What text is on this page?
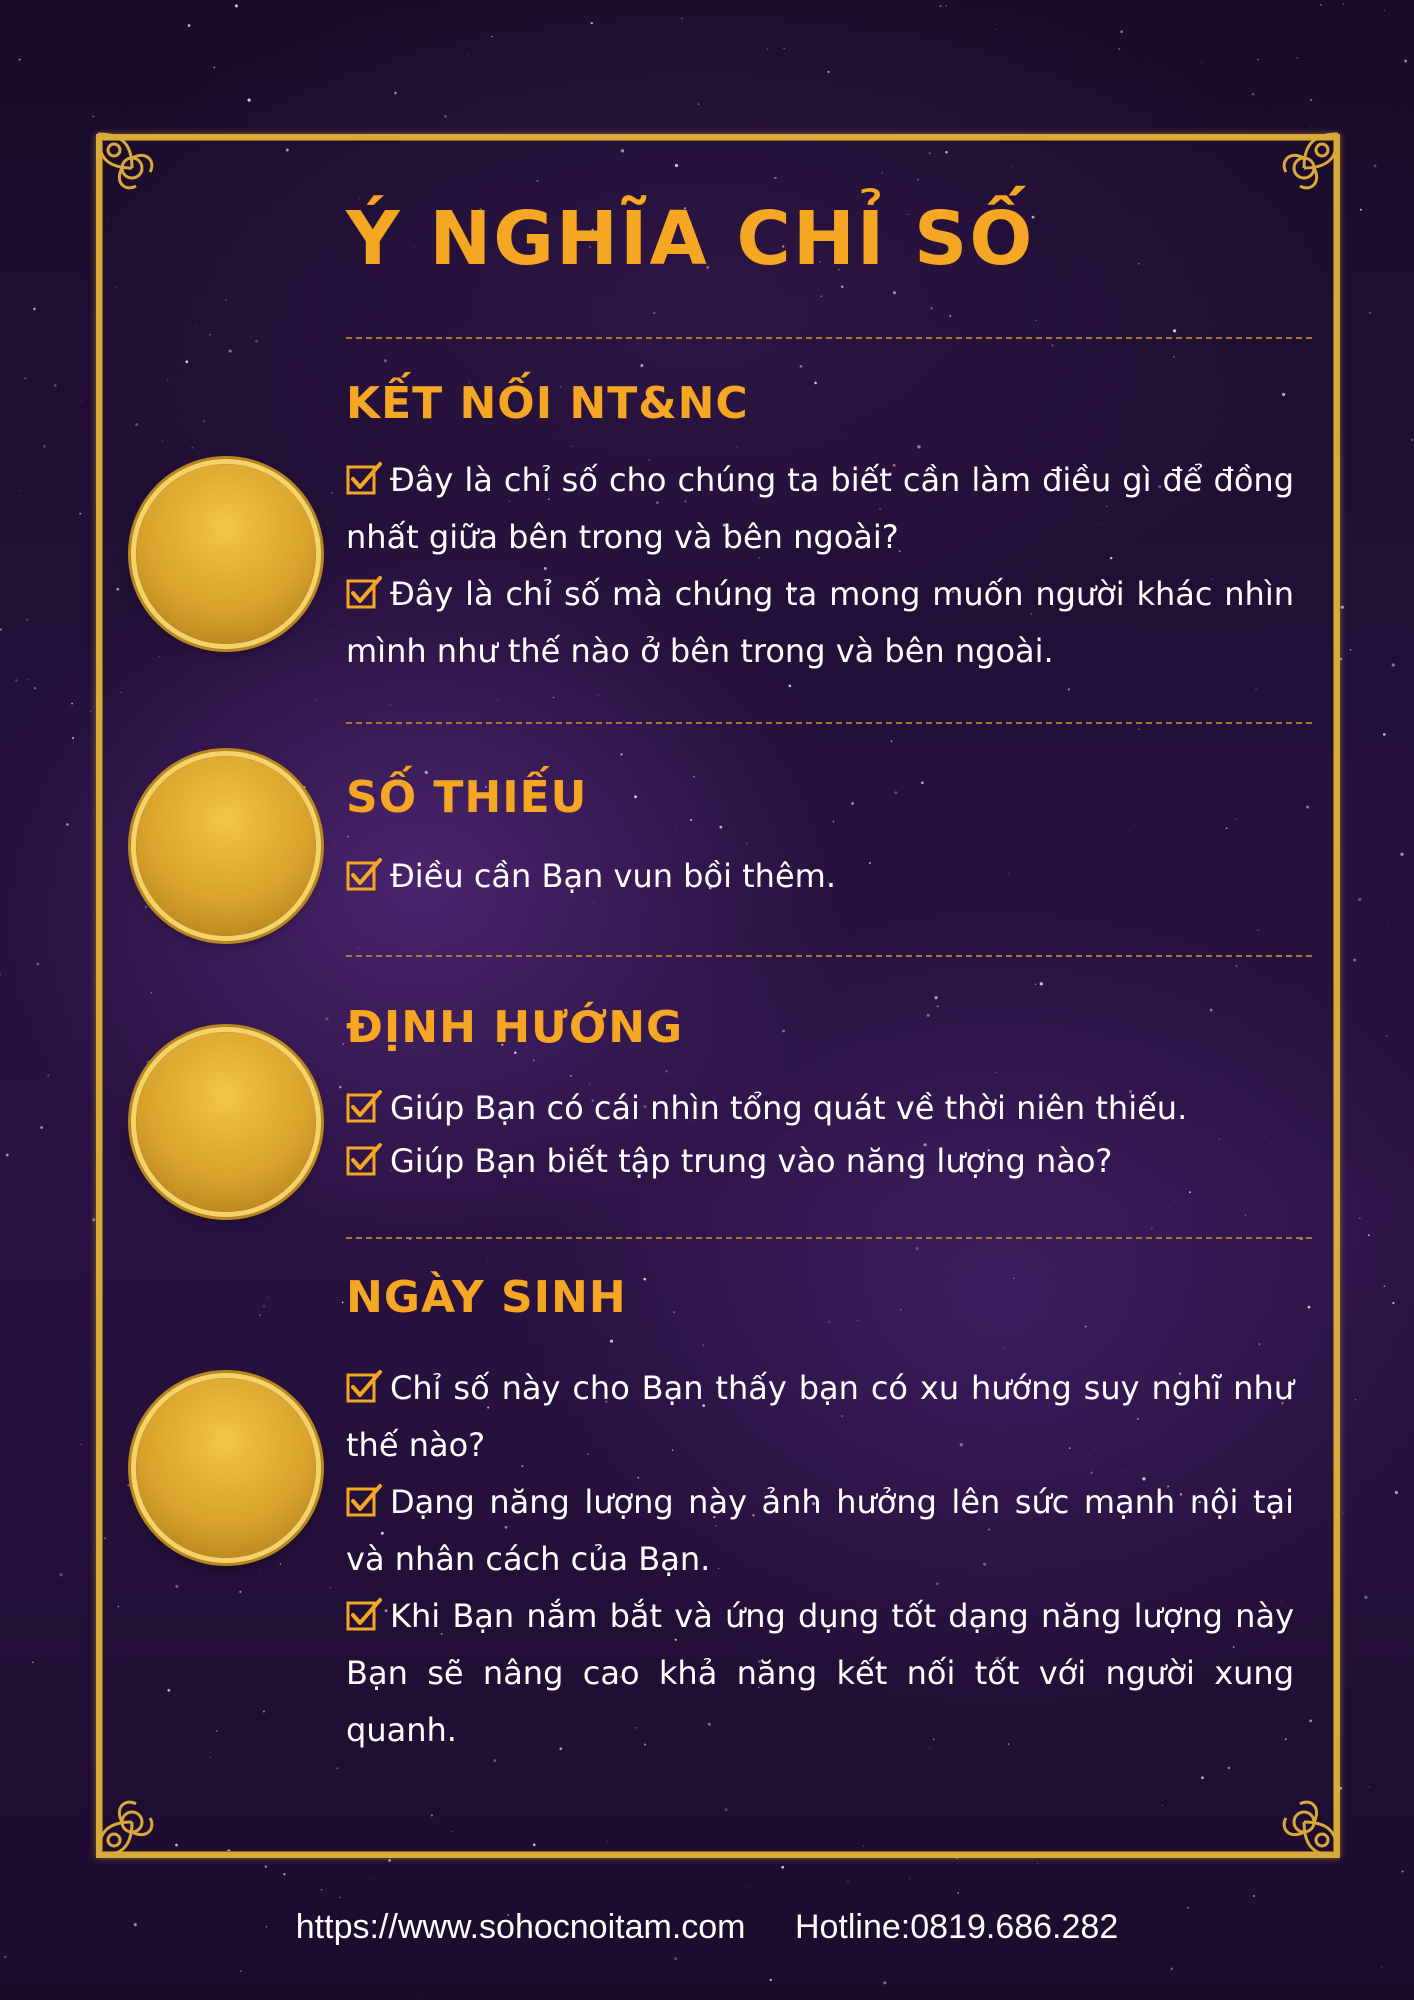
Ý NGHĨA CHỈ SỐ
KẾT NỐI NT&NC

Đây là chỉ số cho chúng ta biết cần làm điều gì để đồng nhất giữa bên trong và bên ngoài?

Đây là chỉ số mà chúng ta mong muốn người khác nhìn mình như thế nào ở bên trong và bên ngoài.

SỐ THIẾU

Điều cần Bạn vun bồi thêm.

ĐỊNH HƯỚNG

Giúp Bạn có cái nhìn tổng quát về thời niên thiếu.

Giúp Bạn biết tập trung vào năng lượng nào?

NGÀY SINH

Chỉ số này cho Bạn thấy bạn có xu hướng suy nghĩ như thế nào?

Dạng năng lượng này ảnh hưởng lên sức mạnh nội tại và nhân cách của Bạn.

Khi Bạn nắm bắt và ứng dụng tốt dạng năng lượng này Bạn sẽ nâng cao khả năng kết nối tốt với người xung quanh.

https://www.sohocnoitam.com Hotline:0819.686.282
